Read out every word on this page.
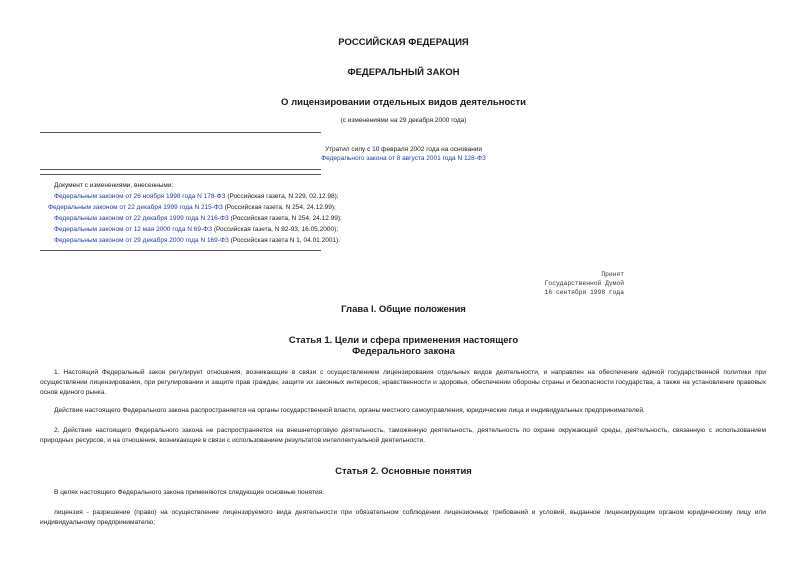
РОССИЙСКАЯ ФЕДЕРАЦИЯ
ФЕДЕРАЛЬНЫЙ ЗАКОН
О лицензировании отдельных видов деятельности
(с изменениями на 29 декабря 2000 года)
Утратил силу с 10 февраля 2002 года на основании
Федерального закона от 8 августа 2001 года N 128-ФЗ
Документ с изменениями, внесенными:
Федеральным законом от 26 ноября 1998 года N 178-ФЗ (Российская газета, N 229, 02.12.98);
Федеральным законом от 22 декабря 1999 года N 215-ФЗ (Российская газета, N 254, 24.12.99);
Федеральным законом от 22 декабря 1999 года N 216-ФЗ (Российская газета, N 254, 24.12.99);
Федеральным законом от 12 мая 2000 года N 69-ФЗ (Российская газета, N 92-93, 16.05.2000);
Федеральным законом от 29 декабря 2000 года N 169-ФЗ (Российская газета N 1, 04.01.2001).
Принят
Государственной Думой
16 сентября 1998 года
Глава I. Общие положения
Статья 1. Цели и сфера применения настоящего
Федерального закона
1. Настоящий Федеральный закон регулирует отношения, возникающие в связи с осуществлением лицензирования отдельных видов деятельности, и направлен на обеспечение единой государственной политики при осуществлении лицензирования, при регулировании и защите прав граждан, защите их законных интересов, нравственности и здоровья, обеспечении обороны страны и безопасности государства, а также на установление правовых основ единого рынка.
Действие настоящего Федерального закона распространяется на органы государственной власти, органы местного самоуправления, юридические лица и индивидуальных предпринимателей.
2. Действие настоящего Федерального закона не распространяется на внешнеторговую деятельность, таможенную деятельность, деятельность по охране окружающей среды, деятельность, связанную с использованием природных ресурсов, и на отношения, возникающие в связи с использованием результатов интеллектуальной деятельности.
Статья 2. Основные понятия
В целях настоящего Федерального закона применяются следующие основные понятия:
лицензия - разрешение (право) на осуществление лицензируемого вида деятельности при обязательном соблюдении лицензионных требований и условий, выданное лицензирующим органом юридическому лицу или индивидуальному предпринимателю;
